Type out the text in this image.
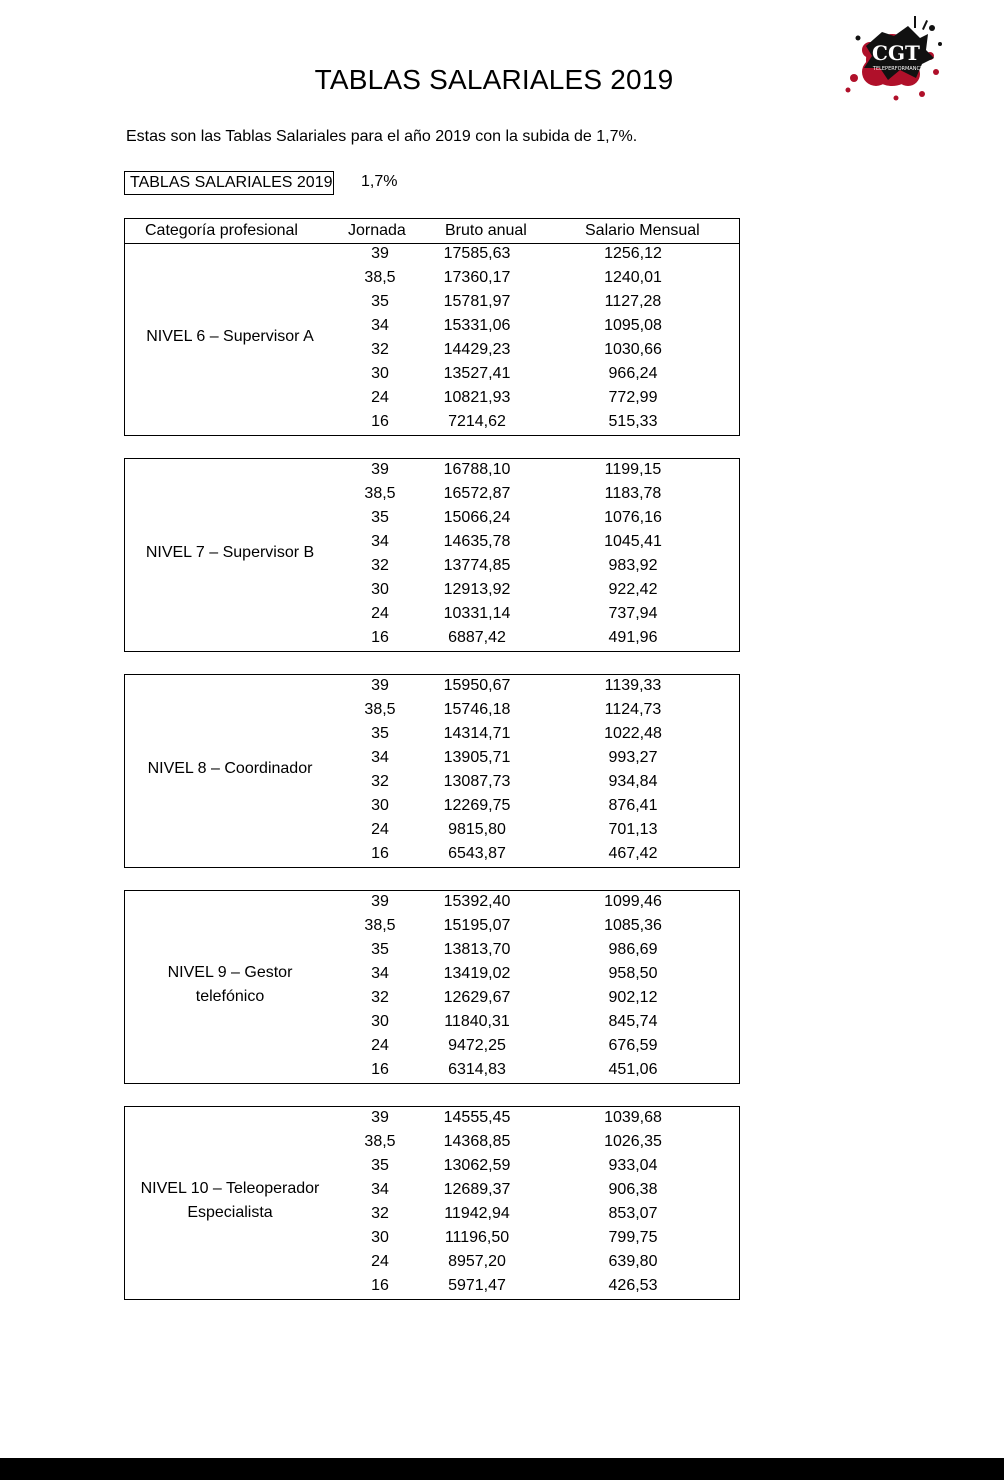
CGT
TELEPERFORMANCE
TABLAS SALARIALES 2019
Estas son las Tablas Salariales para el año 2019 con la subida de 1,7%.
TABLAS SALARIALES 2019 1,7%
Categoría profesional	Jornada Bruto anual	Salario Mensual
NIVEL 6 – Supervisor A
39	17585,63	1256,12
38,5	17360,17	1240,01
35	15781,97	1127,28
34	15331,06	1095,08
32	14429,23	1030,66
30	13527,41	966,24
24	10821,93	772,99
16	7214,62	515,33
NIVEL 7 – Supervisor B
39	16788,10	1199,15
38,5	16572,87	1183,78
35	15066,24	1076,16
34	14635,78	1045,41
32	13774,85	983,92
30	12913,92	922,42
24	10331,14	737,94
16	6887,42	491,96
NIVEL 8 – Coordinador
39	15950,67	1139,33
38,5	15746,18	1124,73
35	14314,71	1022,48
34	13905,71	993,27
32	13087,73	934,84
30	12269,75	876,41
24	9815,80	701,13
16	6543,87	467,42
NIVEL 9 – Gestor
telefónico
39	15392,40	1099,46
38,5	15195,07	1085,36
35	13813,70	986,69
34	13419,02	958,50
32	12629,67	902,12
30	11840,31	845,74
24	9472,25	676,59
16	6314,83	451,06
NIVEL 10 – Teleoperador
Especialista
39	14555,45	1039,68
38,5	14368,85	1026,35
35	13062,59	933,04
34	12689,37	906,38
32	11942,94	853,07
30	11196,50	799,75
24	8957,20	639,80
16	5971,47	426,53
